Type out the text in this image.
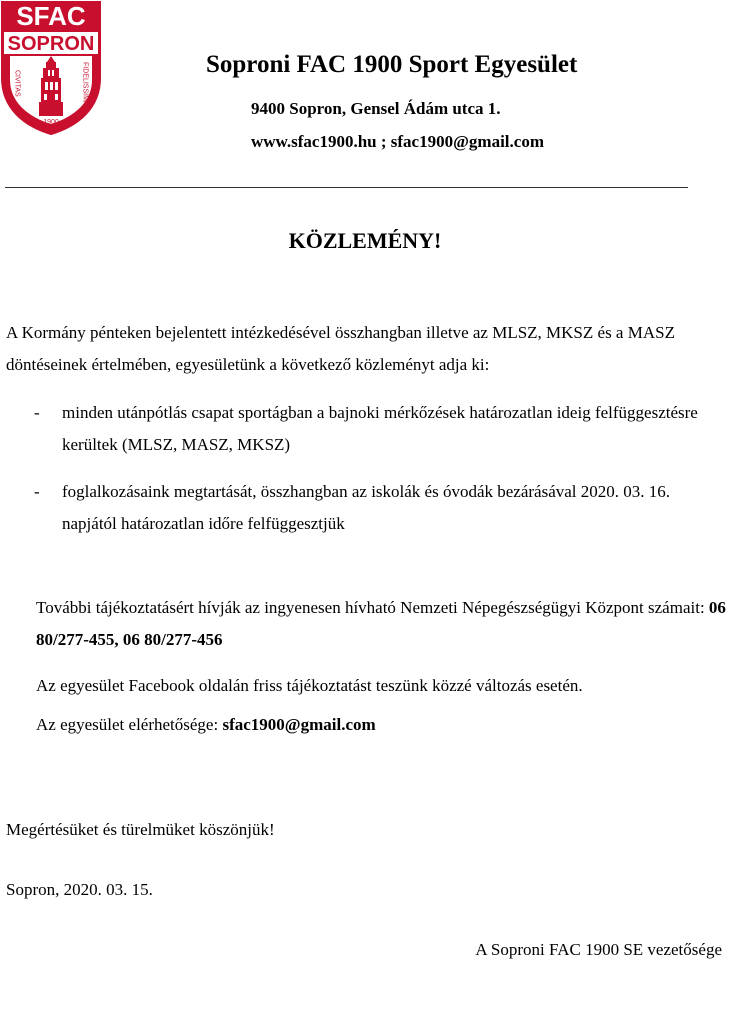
SFAC
SOPRON
CIVITAS
1900
FIDELISSIMA	Soproni FAC 1900 Sport Egyesület
9400 Sopron, Gensel Ádám utca 1.
www.sfac1900.hu ; sfac1900@gmail.com
KÖZLEMÉNY!
A Kormány pénteken bejelentett intézkedésével összhangban illetve az MLSZ, MKSZ és a MASZ döntéseinek értelmében, egyesületünk a következő közleményt adja ki:
- minden utánpótlás csapat sportágban a bajnoki mérkőzések határozatlan ideig felfüggesztésre kerültek (MLSZ, MASZ, MKSZ)
- foglalkozásaink megtartását, összhangban az iskolák és óvodák bezárásával 2020. 03. 16. napjától határozatlan időre felfüggesztjük
További tájékoztatásért hívják az ingyenesen hívható Nemzeti Népegészségügyi Központ számait: 06 80/277-455, 06 80/277-456
Az egyesület Facebook oldalán friss tájékoztatást teszünk közzé változás esetén.
Az egyesület elérhetősége: sfac1900@gmail.com
Megértésüket és türelmüket köszönjük!
Sopron, 2020. 03. 15.
A Soproni FAC 1900 SE vezetősége
